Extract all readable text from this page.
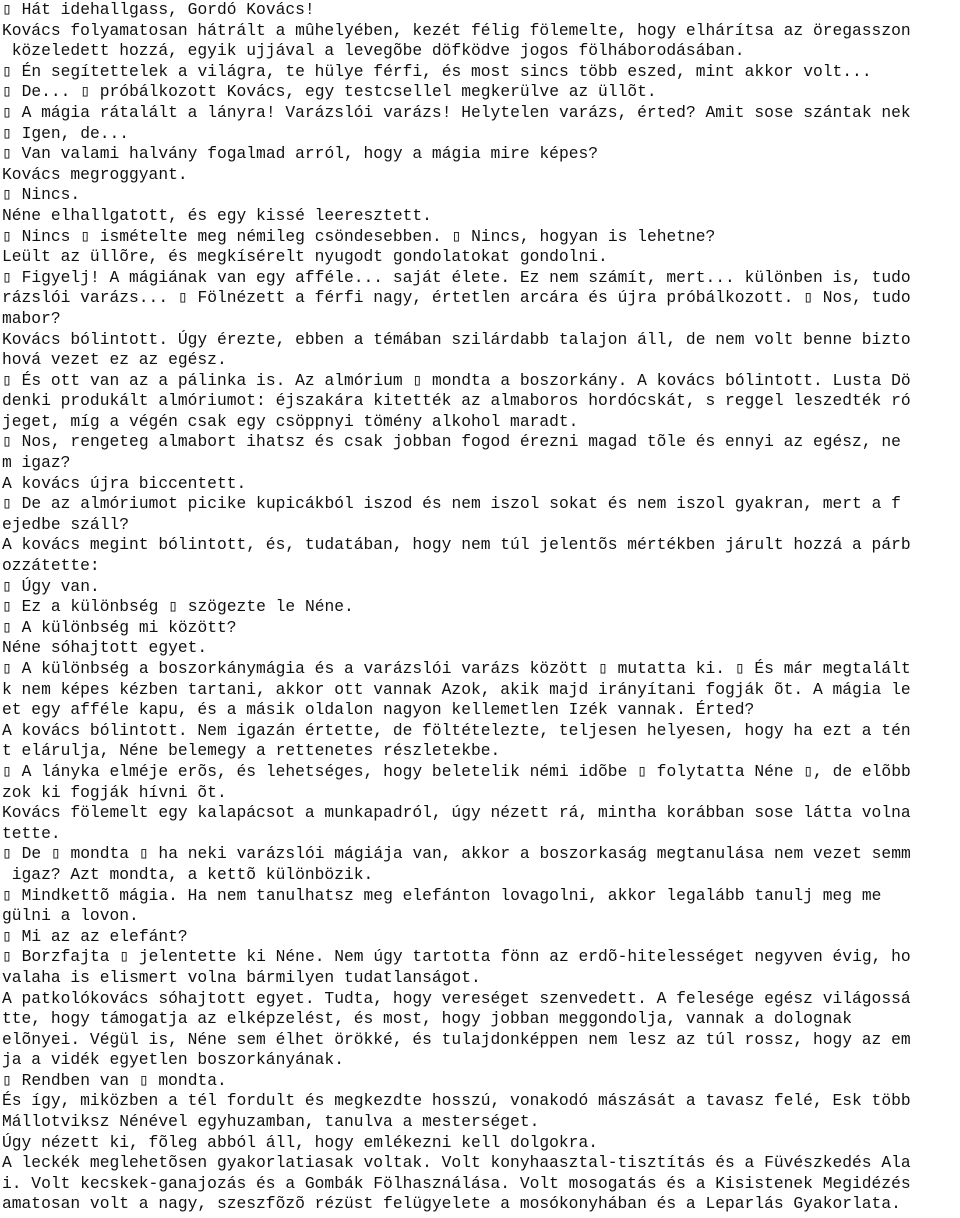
▯ Hát idehallgass, Gordó Kovács!
Kovács folyamatosan hátrált a mûhelyében, kezét félig fölemelte, hogy elhárítsa az öregasszon
közeledett hozzá, egyik ujjával a levegõbe döfködve jogos fölháborodásában.
▯ Én segítettelek a világra, te hülye férfi, és most sincs több eszed, mint akkor volt...
▯ De... ▯ próbálkozott Kovács, egy testcsellel megkerülve az üllõt.
▯ A mágia rátalált a lányra! Varázslói varázs! Helytelen varázs, érted? Amit sose szántak nek
▯ Igen, de...
▯ Van valami halvány fogalmad arról, hogy a mágia mire képes?
Kovács megroggyant.
▯ Nincs.
Néne elhallgatott, és egy kissé leeresztett.
▯ Nincs ▯ ismételte meg némileg csöndesebben. ▯ Nincs, hogyan is lehetne?
Leült az üllõre, és megkísérelt nyugodt gondolatokat gondolni.
▯ Figyelj! A mágiának van egy afféle... saját élete. Ez nem számít, mert... különben is, tudo
rázslói varázs... ▯ Fölnézett a férfi nagy, értetlen arcára és újra próbálkozott. ▯ Nos, tudo
mabor?
Kovács bólintott. Úgy érezte, ebben a témában szilárdabb talajon áll, de nem volt benne bizto
hová vezet ez az egész.
▯ És ott van az a pálinka is. Az almórium ▯ mondta a boszorkány. A kovács bólintott. Lusta Dö
denki produkált almóriumot: éjszakára kitették az almaboros hordócskát, s reggel leszedték ró
jeget, míg a végén csak egy csöppnyi tömény alkohol maradt.
▯ Nos, rengeteg almabort ihatsz és csak jobban fogod érezni magad tõle és ennyi az egész, ne
m igaz?
A kovács újra biccentett.
▯ De az almóriumot picike kupicákból iszod és nem iszol sokat és nem iszol gyakran, mert a f
ejedbe száll?
A kovács megint bólintott, és, tudatában, hogy nem túl jelentõs mértékben járult hozzá a párb
ozzátette:
▯ Úgy van.
▯ Ez a különbség ▯ szögezte le Néne.
▯ A különbség mi között?
Néne sóhajtott egyet.
▯ A különbség a boszorkánymágia és a varázslói varázs között ▯ mutatta ki. ▯ És már megtalált
k nem képes kézben tartani, akkor ott vannak Azok, akik majd irányítani fogják õt. A mágia le
et egy afféle kapu, és a másik oldalon nagyon kellemetlen Izék vannak. Érted?
A kovács bólintott. Nem igazán értette, de föltételezte, teljesen helyesen, hogy ha ezt a tén
t elárulja, Néne belemegy a rettenetes részletekbe.
▯ A lányka elméje erõs, és lehetséges, hogy beletelik némi idõbe ▯ folytatta Néne ▯, de elõbb
zok ki fogják hívni õt.
Kovács fölemelt egy kalapácsot a munkapadról, úgy nézett rá, mintha korábban sose látta volna
tette.
▯ De ▯ mondta ▯ ha neki varázslói mágiája van, akkor a boszorkaság megtanulása nem vezet semm
igaz? Azt mondta, a kettõ különbözik.
▯ Mindkettõ mágia. Ha nem tanulhatsz meg elefánton lovagolni, akkor legalább tanulj meg me
gülni a lovon.
▯ Mi az az elefánt?
▯ Borzfajta ▯ jelentette ki Néne. Nem úgy tartotta fönn az erdõ-hitelességet negyven évig, ho
valaha is elismert volna bármilyen tudatlanságot.
A patkolókovács sóhajtott egyet. Tudta, hogy vereséget szenvedett. A felesége egész világossá
tte, hogy támogatja az elképzelést, és most, hogy jobban meggondolja, vannak a dolognak
elõnyei. Végül is, Néne sem élhet örökké, és tulajdonképpen nem lesz az túl rossz, hogy az em
ja a vidék egyetlen boszorkányának.
▯ Rendben van ▯ mondta.
És így, miközben a tél fordult és megkezdte hosszú, vonakodó mászását a tavasz felé, Esk több
Mállotviksz Nénével egyhuzamban, tanulva a mesterséget.
Úgy nézett ki, fõleg abból áll, hogy emlékezni kell dolgokra.
A leckék meglehetõsen gyakorlatiasak voltak. Volt konyhaasztal-tisztítás és a Füvészkedés Ala
i. Volt kecskek-ganajozás és a Gombák Fölhasználása. Volt mosogatás és a Kisistenek Megidézés
amatosan volt a nagy, szeszfõzõ rézüst felügyelete a mosókonyhában és a Leparlás Gyakorlata.
